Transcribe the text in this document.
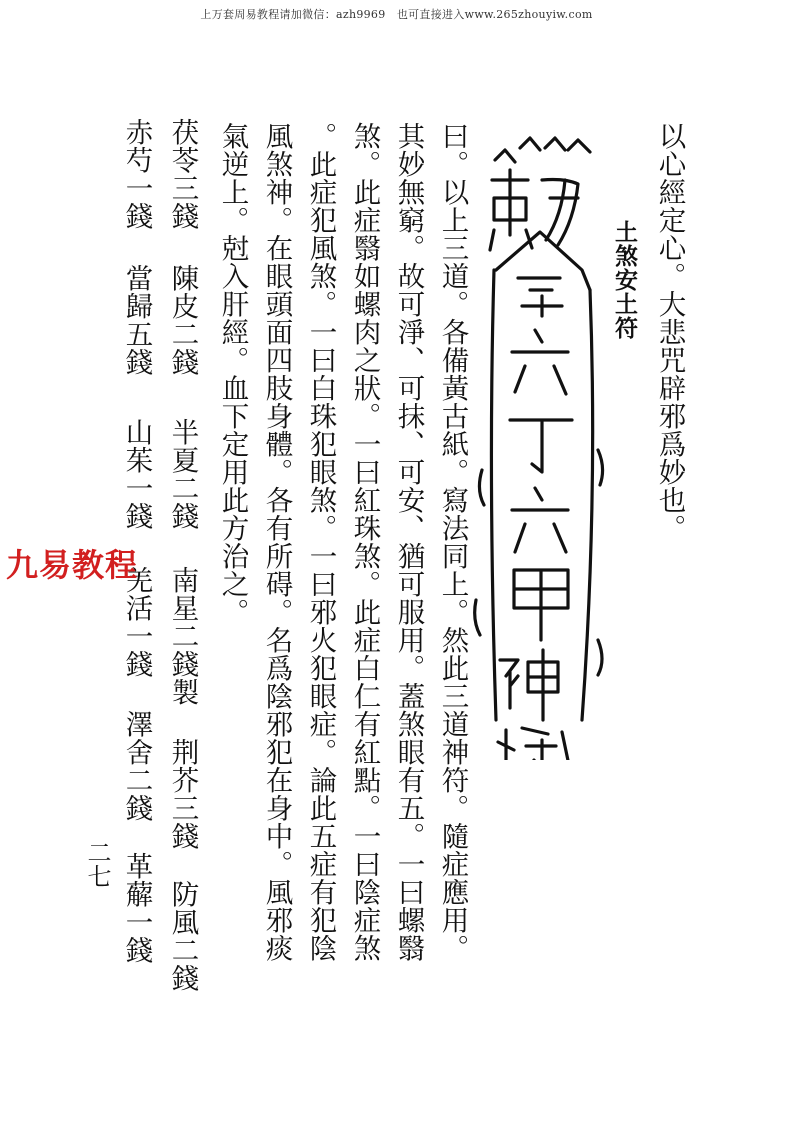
上万套周易教程请加微信：azh9969　也可直接进入www.265zhouyiw.com
以心經定心。大悲咒辟邪爲妙也。
土煞安土符
曰。以上三道。各備黃古紙。寫法同上。然此三道神符。隨症應用。
其妙無窮。故可淨、可抹、可安、猶可服用。蓋煞眼有五。一曰螺翳
煞。此症翳如螺肉之狀。一曰紅珠煞。此症白仁有紅點。一曰陰症煞
。此症犯風煞。一曰白珠犯眼煞。一曰邪火犯眼症。論此五症有犯陰
風煞神。在眼頭面四肢身體。各有所碍。名爲陰邪犯在身中。風邪痰
氣逆上。尅入肝經。血下定用此方治之。
茯苓三錢
陳皮二錢
半夏二錢
南星二錢製
荆芥三錢
防風二錢
赤芍一錢
當歸五錢
山茱一錢
羌活一錢
澤舍二錢
革薢一錢
九易教程
二七
